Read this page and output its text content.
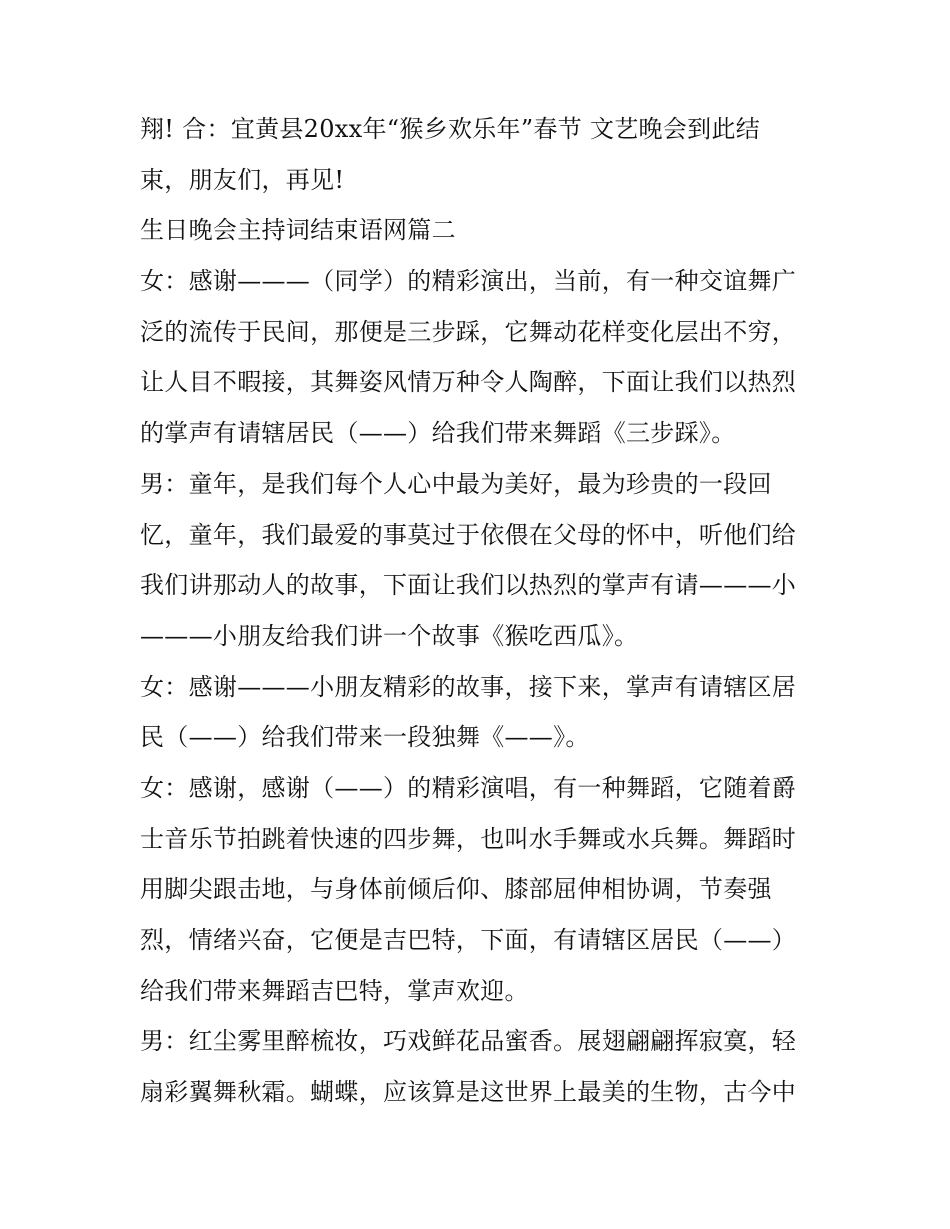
翔! 合：宜黄县20xx年“猴乡欢乐年”春节 文艺晚会到此结
束，朋友们，再见!
生日晚会主持词结束语网篇二
女：感谢———（同学）的精彩演出，当前，有一种交谊舞广
泛的流传于民间，那便是三步踩，它舞动花样变化层出不穷，
让人目不暇接，其舞姿风情万种令人陶醉，下面让我们以热烈
的掌声有请辖居民（——）给我们带来舞蹈《三步踩》。
男：童年，是我们每个人心中最为美好，最为珍贵的一段回
忆，童年，我们最爱的事莫过于依偎在父母的怀中，听他们给
我们讲那动人的故事，下面让我们以热烈的掌声有请———小
———小朋友给我们讲一个故事《猴吃西瓜》。
女：感谢———小朋友精彩的故事，接下来，掌声有请辖区居
民（——）给我们带来一段独舞《——》。
女：感谢，感谢（——）的精彩演唱，有一种舞蹈，它随着爵
士音乐节拍跳着快速的四步舞，也叫水手舞或水兵舞。舞蹈时
用脚尖跟击地，与身体前倾后仰、膝部屈伸相协调，节奏强
烈，情绪兴奋，它便是吉巴特，下面，有请辖区居民（——）
给我们带来舞蹈吉巴特，掌声欢迎。
男：红尘雾里醉梳妆，巧戏鲜花品蜜香。展翅翩翩挥寂寞，轻
扇彩翼舞秋霜。蝴蝶，应该算是这世界上最美的生物，古今中
